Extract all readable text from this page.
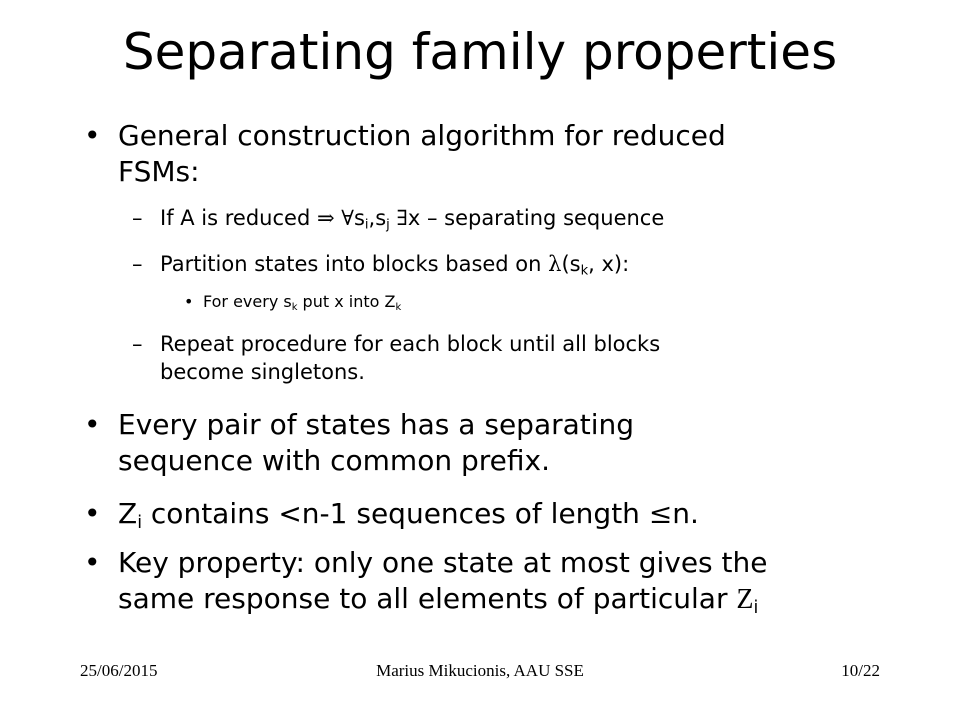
Separating family properties
• General construction algorithm for reduced
FSMs:
– If A is reduced ⇒ $\forall s_i,s_j$ ∃x – separating sequence
– Partition states into blocks based on $\lambda(s_k$, x):
• For every $s_k$ put x into $Z_k$
– Repeat procedure for each block until all blocks
become singletons.
• Every pair of states has a separating
sequence with common prefix.
• $Z_i$ contains <n-1 sequences of length ≤n.
• Key property: only one state at most gives the
same response to all elements of particular $Z_i$
25/06/2015	Marius Mikucionis, AAU SSE	10/22
